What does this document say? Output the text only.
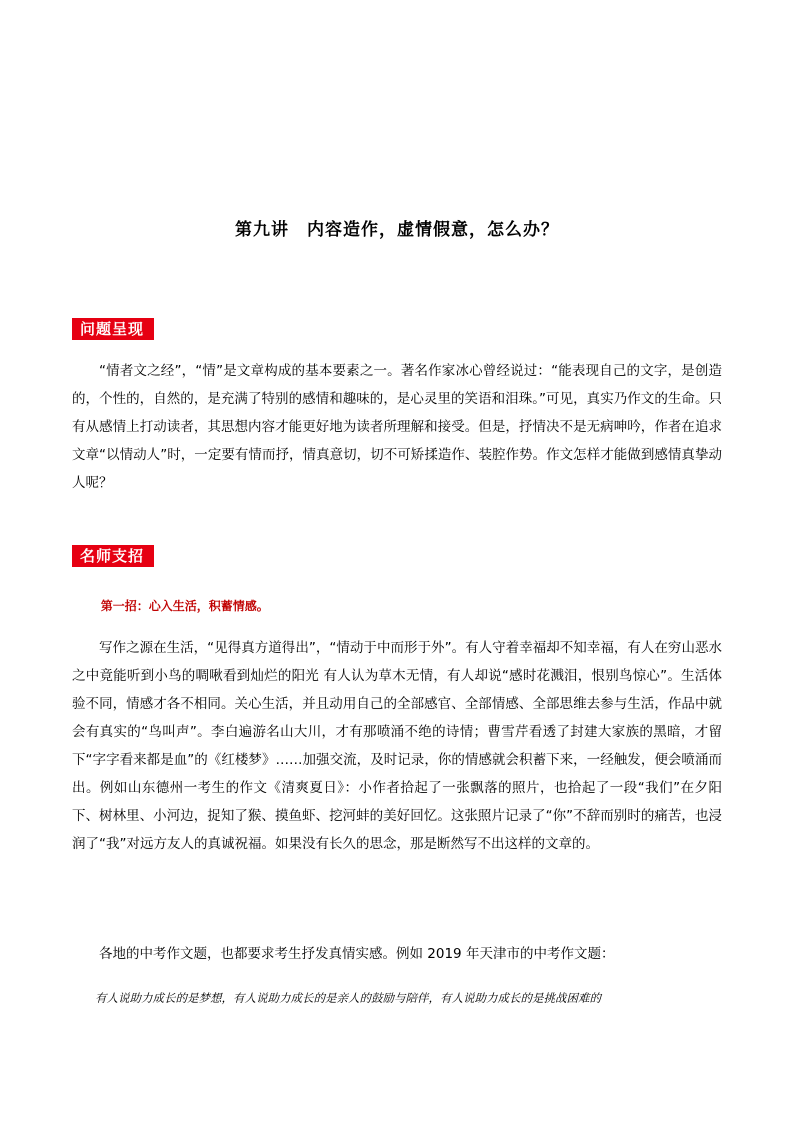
第九讲　内容造作，虚情假意，怎么办？
问题呈现

“情者文之经”，“情”是文章构成的基本要素之一。著名作家冰心曾经说过：“能表现自己的文字，是创造的，个性的，自然的，是充满了特别的感情和趣味的，是心灵里的笑语和泪珠。”可见，真实乃作文的生命。只有从感情上打动读者，其思想内容才能更好地为读者所理解和接受。但是，抒情决不是无病呻吟，作者在追求文章“以情动人”时，一定要有情而抒，情真意切，切不可矫揉造作、装腔作势。作文怎样才能做到感情真挚动人呢？

名师支招
第一招：心入生活，积蓄情感。

写作之源在生活，“见得真方道得出”，“情动于中而形于外”。有人守着幸福却不知幸福，有人在穷山恶水之中竟能听到小鸟的啁啾看到灿烂的阳光 有人认为草木无情，有人却说“感时花溅泪，恨别鸟惊心”。生活体验不同，情感才各不相同。关心生活，并且动用自己的全部感官、全部情感、全部思维去参与生活，作品中就会有真实的“鸟叫声”。李白遍游名山大川，才有那喷涌不绝的诗情；曹雪芹看透了封建大家族的黑暗，才留下“字字看来都是血”的《红楼梦》……加强交流，及时记录，你的情感就会积蓄下来，一经触发，便会喷涌而出。例如山东德州一考生的作文《清爽夏日》：小作者拾起了一张飘落的照片，也拾起了一段“我们”在夕阳下、树林里、小河边，捉知了猴、摸鱼虾、挖河蚌的美好回忆。这张照片记录了“你”不辞而别时的痛苦，也浸润了“我”对远方友人的真诚祝福。如果没有长久的思念，那是断然写不出这样的文章的。

各地的中考作文题，也都要求考生抒发真情实感。例如 2019 年天津市的中考作文题：

有人说助力成长的是梦想，有人说助力成长的是亲人的鼓励与陪伴，有人说助力成长的是挑战困难的
